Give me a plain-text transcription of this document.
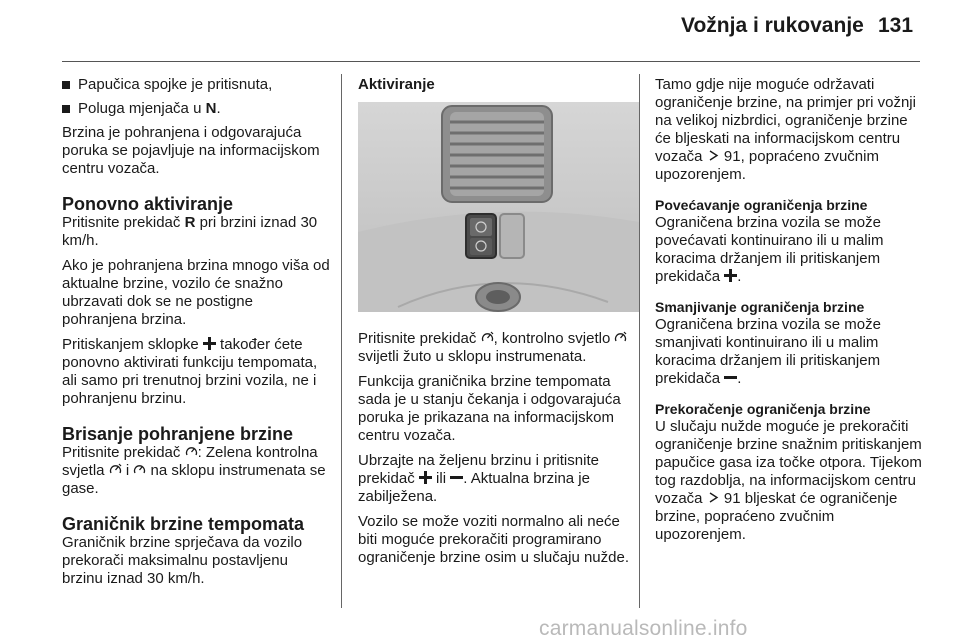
Vožnja i rukovanje 131
Papučica spojke je pritisnuta,
Poluga mjenjača u N.

Brzina je pohranjena i odgovarajuća poruka se pojavljuje na informacijskom centru vozača.

Ponovno aktiviranje

Pritisnite prekidač R pri brzini iznad 30 km/h.

Ako je pohranjena brzina mnogo viša od aktualne brzine, vozilo će snažno ubrzavati dok se ne postigne pohranjena brzina.

Pritiskanjem sklopke  također ćete ponovno aktivirati funkciju tempomata, ali samo pri trenutnoj brzini vozila, ne i pohranjenu brzinu.

Brisanje pohranjene brzine

Pritisnite prekidač : Zelena kontrolna svjetla  i  na sklopu instrumenata se gase.

Graničnik brzine tempomata

Graničnik brzine sprječava da vozilo prekorači maksimalnu postavljenu brzinu iznad 30 km/h.

Aktiviranje

Pritisnite prekidač , kontrolno svjetlo  svijetli žuto u sklopu instrumenata.

Funkcija graničnika brzine tempomata sada je u stanju čekanja i odgovarajuća poruka je prikazana na informacijskom centru vozača.

Ubrzajte na željenu brzinu i pritisnite prekidač  ili . Aktualna brzina je zabilježena.

Vozilo se može voziti normalno ali neće biti moguće prekoračiti programirano ograničenje brzine osim u slučaju nužde.

Tamo gdje nije moguće održavati ograničenje brzine, na primjer pri vožnji na velikoj nizbrdici, ograničenje brzine će bljeskati na informacijskom centru vozača  91, popraćeno zvučnim upozorenjem.

Povećavanje ograničenja brzine

Ograničena brzina vozila se može povećavati kontinuirano ili u malim koracima držanjem ili pritiskanjem prekidača .

Smanjivanje ograničenja brzine

Ograničena brzina vozila se može smanjivati kontinuirano ili u malim koracima držanjem ili pritiskanjem prekidača .

Prekoračenje ograničenja brzine

U slučaju nužde moguće je prekoračiti ograničenje brzine snažnim pritiskanjem papučice gasa iza točke otpora. Tijekom tog razdoblja, na informacijskom centru vozača  91 bljeskat će ograničenje brzine, popraćeno zvučnim upozorenjem.

carmanualsonline.info
